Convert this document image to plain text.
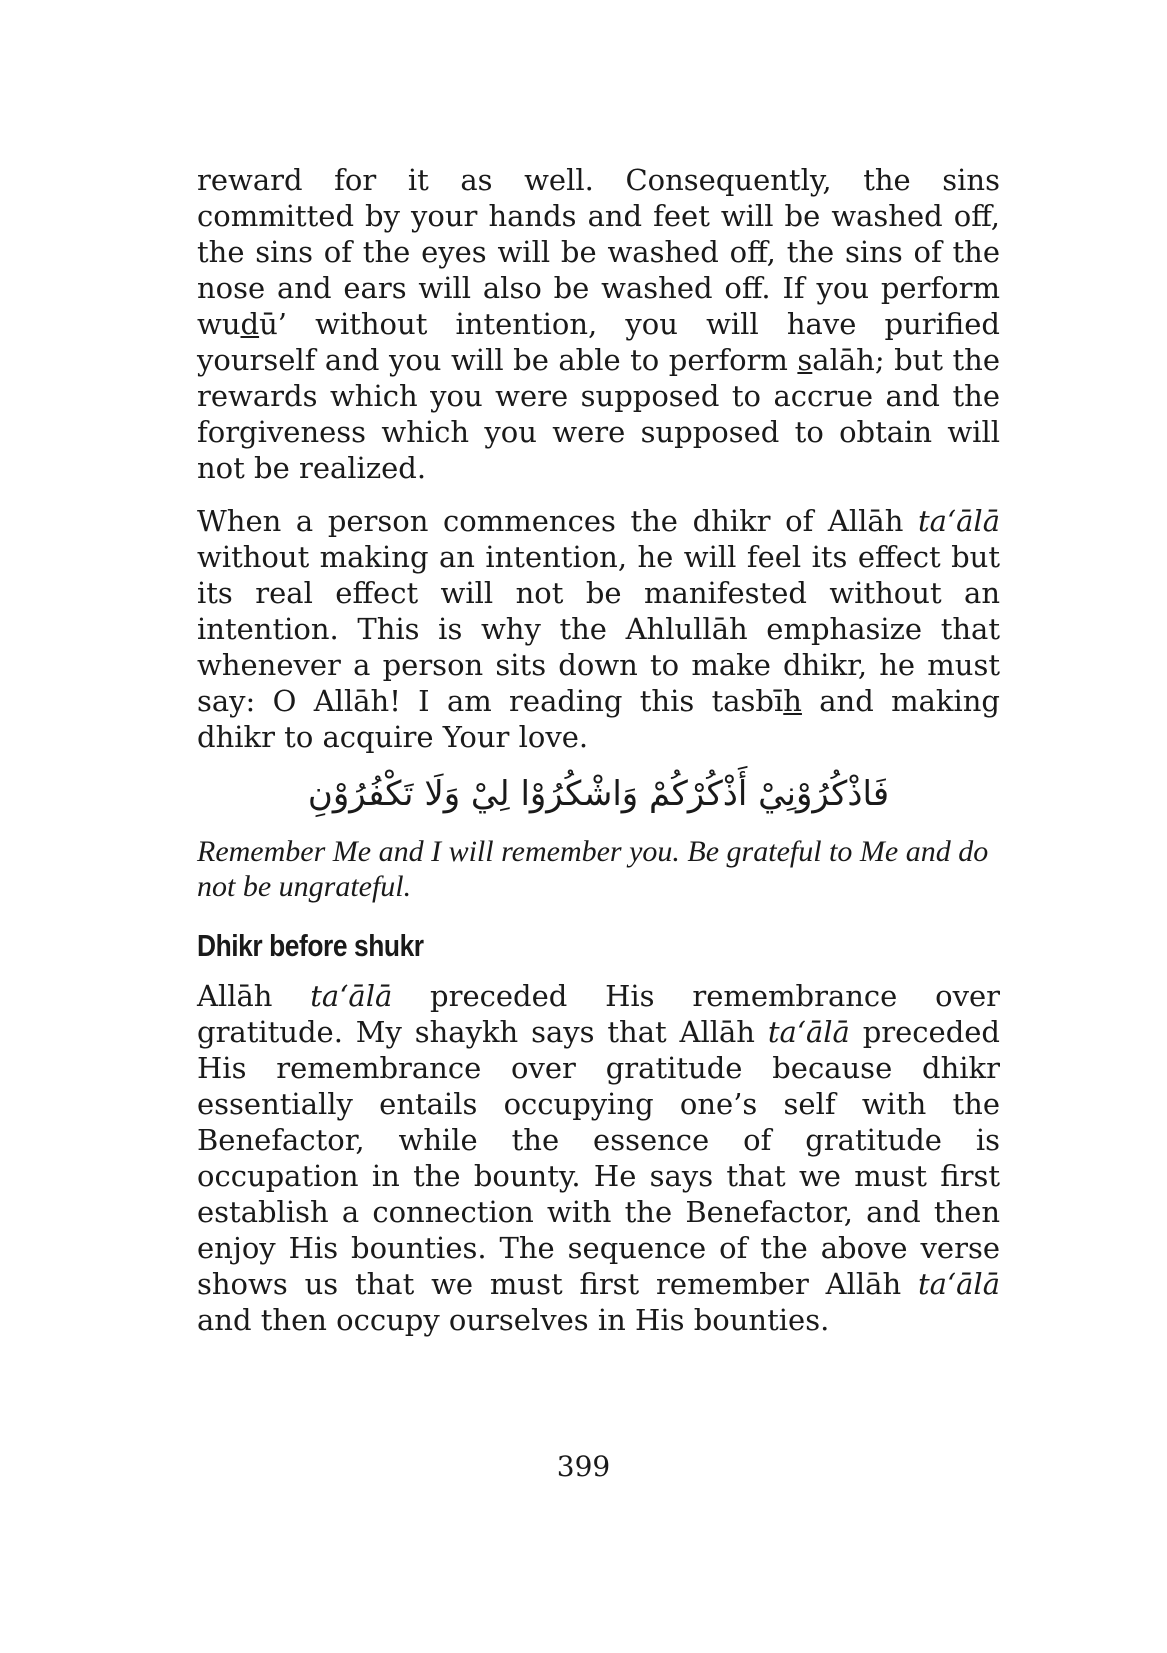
reward for it as well. Consequently, the sins committed by your hands and feet will be washed off, the sins of the eyes will be washed off, the sins of the nose and ears will also be washed off. If you perform wudū’ without intention, you will have purified yourself and you will be able to perform salāh; but the rewards which you were supposed to accrue and the forgiveness which you were supposed to obtain will not be realized.

When a person commences the dhikr of Allāh ta‘ālā without making an intention, he will feel its effect but its real effect will not be manifested without an intention. This is why the Ahlullāh emphasize that whenever a person sits down to make dhikr, he must say: O Allāh! I am reading this tasbīh and making dhikr to acquire Your love.

فَاذْكُرُوْنِيْ أَذْكُرْكُمْ وَاشْكُرُوْا لِيْ وَلَا تَكْفُرُوْنِ

Remember Me and I will remember you. Be grateful to Me and do not be ungrateful.

Dhikr before shukr

Allāh ta‘ālā preceded His remembrance over gratitude. My shaykh says that Allāh ta‘ālā preceded His remembrance over gratitude because dhikr essentially entails occupying one’s self with the Benefactor, while the essence of gratitude is occupation in the bounty. He says that we must first establish a connection with the Benefactor, and then enjoy His bounties. The sequence of the above verse shows us that we must first remember Allāh ta‘ālā and then occupy ourselves in His bounties.

399
